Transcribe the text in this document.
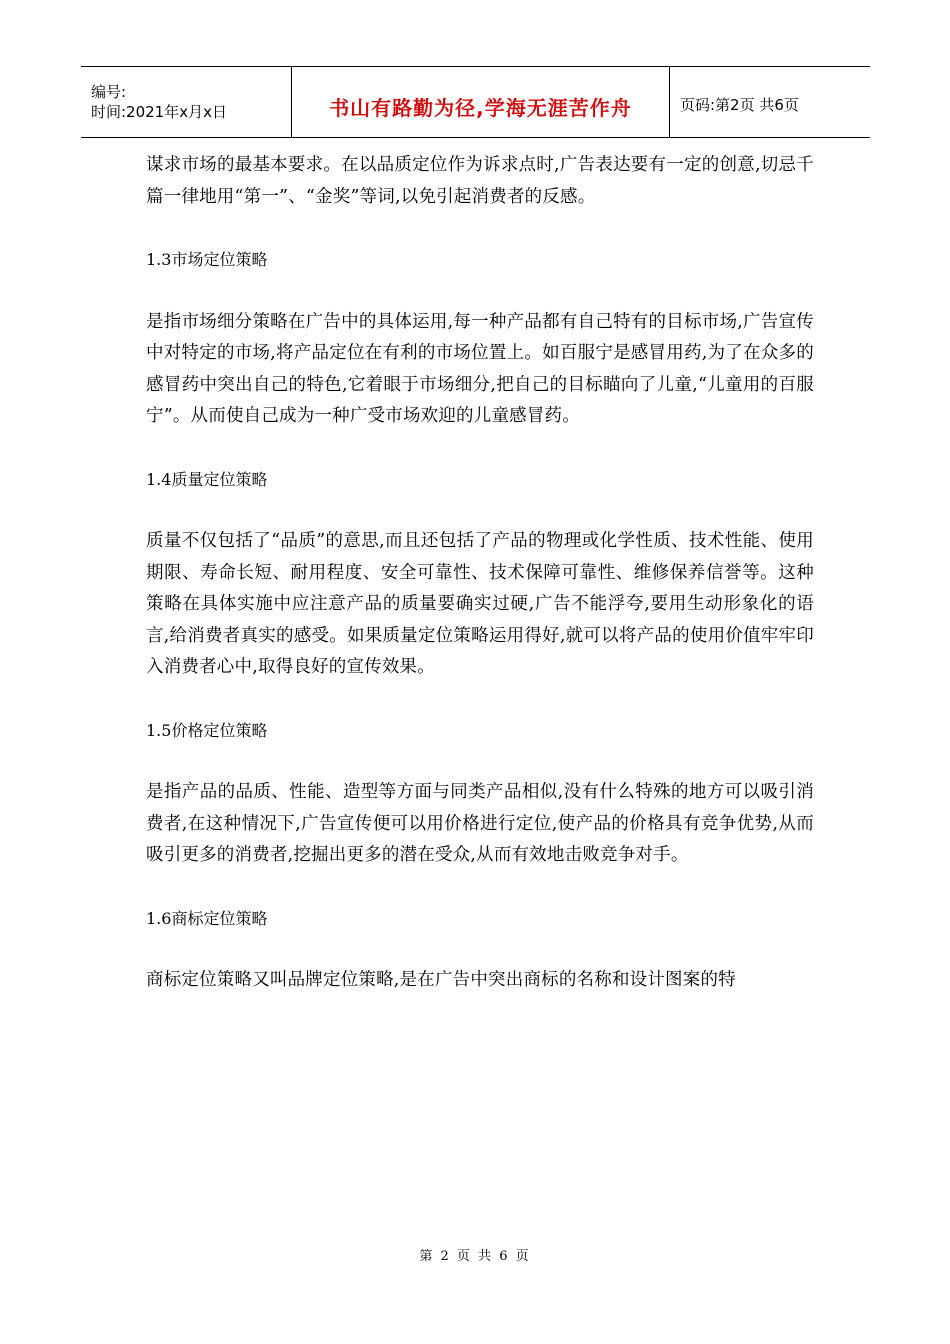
编号:
时间:2021年x月x日	书山有路勤为径,学海无涯苦作舟	页码:第2页 共6页

谋求市场的最基本要求。在以品质定位作为诉求点时,广告表达要有一定的创意,切忌千篇一律地用“第一”、“金奖”等词,以免引起消费者的反感。

1.3市场定位策略

是指市场细分策略在广告中的具体运用,每一种产品都有自己特有的目标市场,广告宣传中对特定的市场,将产品定位在有利的市场位置上。如百服宁是感冒用药,为了在众多的感冒药中突出自己的特色,它着眼于市场细分,把自己的目标瞄向了儿童,“儿童用的百服宁”。从而使自己成为一种广受市场欢迎的儿童感冒药。

1.4质量定位策略

质量不仅包括了“品质”的意思,而且还包括了产品的物理或化学性质、技术性能、使用期限、寿命长短、耐用程度、安全可靠性、技术保障可靠性、维修保养信誉等。这种策略在具体实施中应注意产品的质量要确实过硬,广告不能浮夸,要用生动形象化的语言,给消费者真实的感受。如果质量定位策略运用得好,就可以将产品的使用价值牢牢印入消费者心中,取得良好的宣传效果。

1.5价格定位策略

是指产品的品质、性能、造型等方面与同类产品相似,没有什么特殊的地方可以吸引消费者,在这种情况下,广告宣传便可以用价格进行定位,使产品的价格具有竞争优势,从而吸引更多的消费者,挖掘出更多的潜在受众,从而有效地击败竞争对手。

1.6商标定位策略

商标定位策略又叫品牌定位策略,是在广告中突出商标的名称和设计图案的特

第 2 页 共 6 页
